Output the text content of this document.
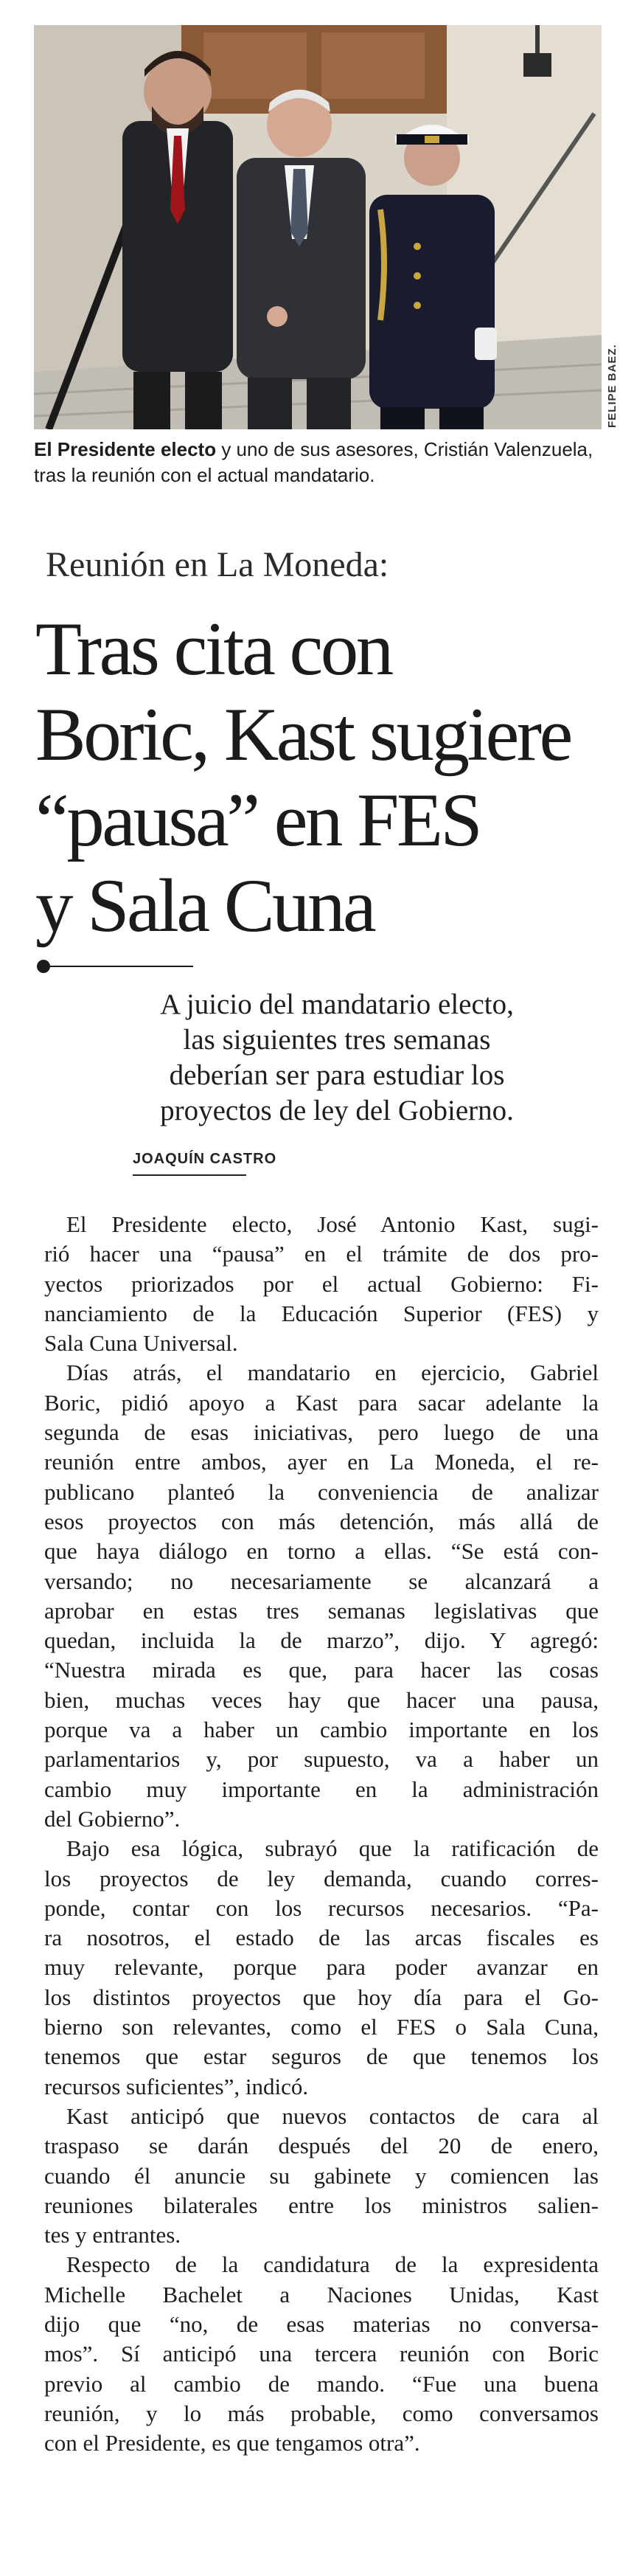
FELIPE BAEZ.
El Presidente electo y uno de sus asesores, Cristián Valenzuela, tras la reunión con el actual mandatario.
Reunión en La Moneda:
Tras cita con
Boric, Kast sugiere
“pausa” en FES
y Sala Cuna
A juicio del mandatario electo,
las siguientes tres semanas
deberían ser para estudiar los
proyectos de ley del Gobierno.
JOAQUÍN CASTRO
El Presidente electo, José Antonio Kast, sugi-
rió hacer una “pausa” en el trámite de dos pro-
yectos priorizados por el actual Gobierno: Fi-
nanciamiento de la Educación Superior (FES) y
Sala Cuna Universal.
Días atrás, el mandatario en ejercicio, Gabriel
Boric, pidió apoyo a Kast para sacar adelante la
segunda de esas iniciativas, pero luego de una
reunión entre ambos, ayer en La Moneda, el re-
publicano planteó la conveniencia de analizar
esos proyectos con más detención, más allá de
que haya diálogo en torno a ellas. “Se está con-
versando; no necesariamente se alcanzará a
aprobar en estas tres semanas legislativas que
quedan, incluida la de marzo”, dijo. Y agregó:
“Nuestra mirada es que, para hacer las cosas
bien, muchas veces hay que hacer una pausa,
porque va a haber un cambio importante en los
parlamentarios y, por supuesto, va a haber un
cambio muy importante en la administración
del Gobierno”.
Bajo esa lógica, subrayó que la ratificación de
los proyectos de ley demanda, cuando corres-
ponde, contar con los recursos necesarios. “Pa-
ra nosotros, el estado de las arcas fiscales es
muy relevante, porque para poder avanzar en
los distintos proyectos que hoy día para el Go-
bierno son relevantes, como el FES o Sala Cuna,
tenemos que estar seguros de que tenemos los
recursos suficientes”, indicó.
Kast anticipó que nuevos contactos de cara al
traspaso se darán después del 20 de enero,
cuando él anuncie su gabinete y comiencen las
reuniones bilaterales entre los ministros salien-
tes y entrantes.
Respecto de la candidatura de la expresidenta
Michelle Bachelet a Naciones Unidas, Kast
dijo que “no, de esas materias no conversa-
mos”. Sí anticipó una tercera reunión con Boric
previo al cambio de mando. “Fue una buena
reunión, y lo más probable, como conversamos
con el Presidente, es que tengamos otra”.
